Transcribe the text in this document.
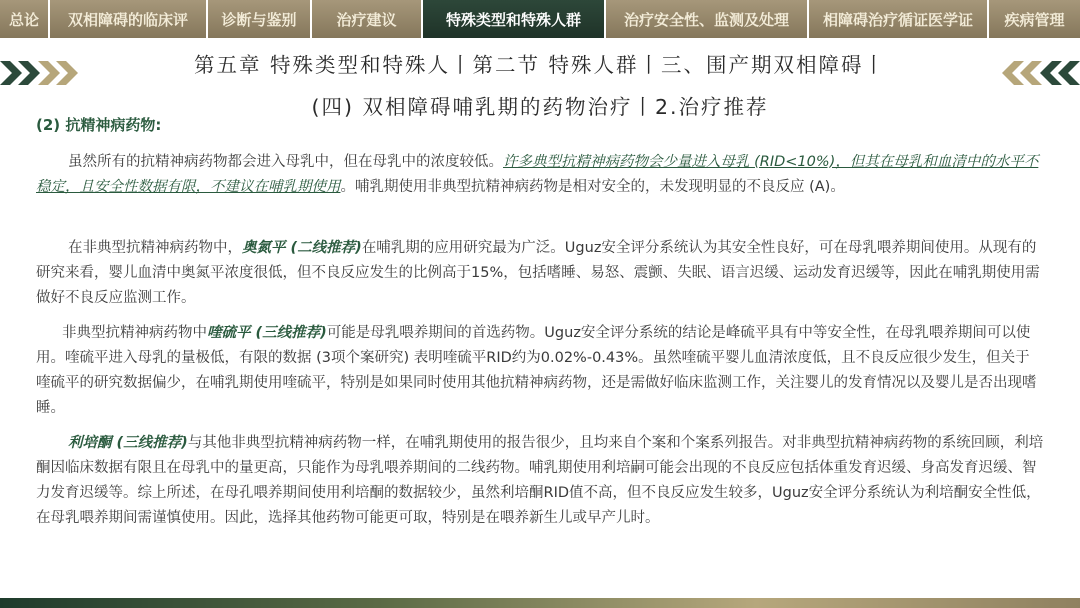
总论	双相障碍的临床评	诊断与鉴别	治疗建议	特殊类型和特殊人群	治疗安全性、监测及处理	相障碍治疗循证医学证	疾病管理
第五章 特殊类型和特殊人丨第二节 特殊人群丨三、围产期双相障碍丨
(四) 双相障碍哺乳期的药物治疗丨2.治疗推荐
(2) 抗精神病药物:

虽然所有的抗精神病药物都会进入母乳中，但在母乳中的浓度较低。许多典型抗精神病药物会少量进入母乳 (RID<10%)，但其在母乳和血清中的水平不稳定，且安全性数据有限，不建议在哺乳期使用。哺乳期使用非典型抗精神病药物是相对安全的，未发现明显的不良反应 (A)。

在非典型抗精神病药物中，奥氮平 (二线推荐)在哺乳期的应用研究最为广泛。Uguz安全评分系统认为其安全性良好，可在母乳喂养期间使用。从现有的研究来看，婴儿血清中奥氮平浓度很低，但不良反应发生的比例高于15%，包括嗜睡、易怒、震颤、失眠、语言迟缓、运动发育迟缓等，因此在哺乳期使用需做好不良反应监测工作。

非典型抗精神病药物中喹硫平 (三线推荐)可能是母乳喂养期间的首选药物。Uguz安全评分系统的结论是峰硫平具有中等安全性，在母乳喂养期间可以使用。喹硫平进入母乳的量极低，有限的数据 (3项个案研究) 表明喹硫平RID约为0.02%-0.43%。虽然喹硫平婴儿血清浓度低，且不良反应很少发生，但关于喹硫平的研究数据偏少，在哺乳期使用喹硫平，特别是如果同时使用其他抗精神病药物，还是需做好临床监测工作，关注婴儿的发育情况以及婴儿是否出现嗜睡。

利培酮 (三线推荐)与其他非典型抗精神病药物一样，在哺乳期使用的报告很少，且均来自个案和个案系列报告。对非典型抗精神病药物的系统回顾，利培酮因临床数据有限且在母乳中的量更高，只能作为母乳喂养期间的二线药物。哺乳期使用利培嗣可能会出现的不良反应包括体重发育迟缓、身高发育迟缓、智力发育迟缓等。综上所述，在母孔喂养期间使用利培酮的数据较少，虽然利培酮RID值不高，但不良反应发生较多，Uguz安全评分系统认为利培酮安全性低，在母乳喂养期间需谨慎使用。因此，选择其他药物可能更可取，特别是在喂养新生儿或早产儿时。
